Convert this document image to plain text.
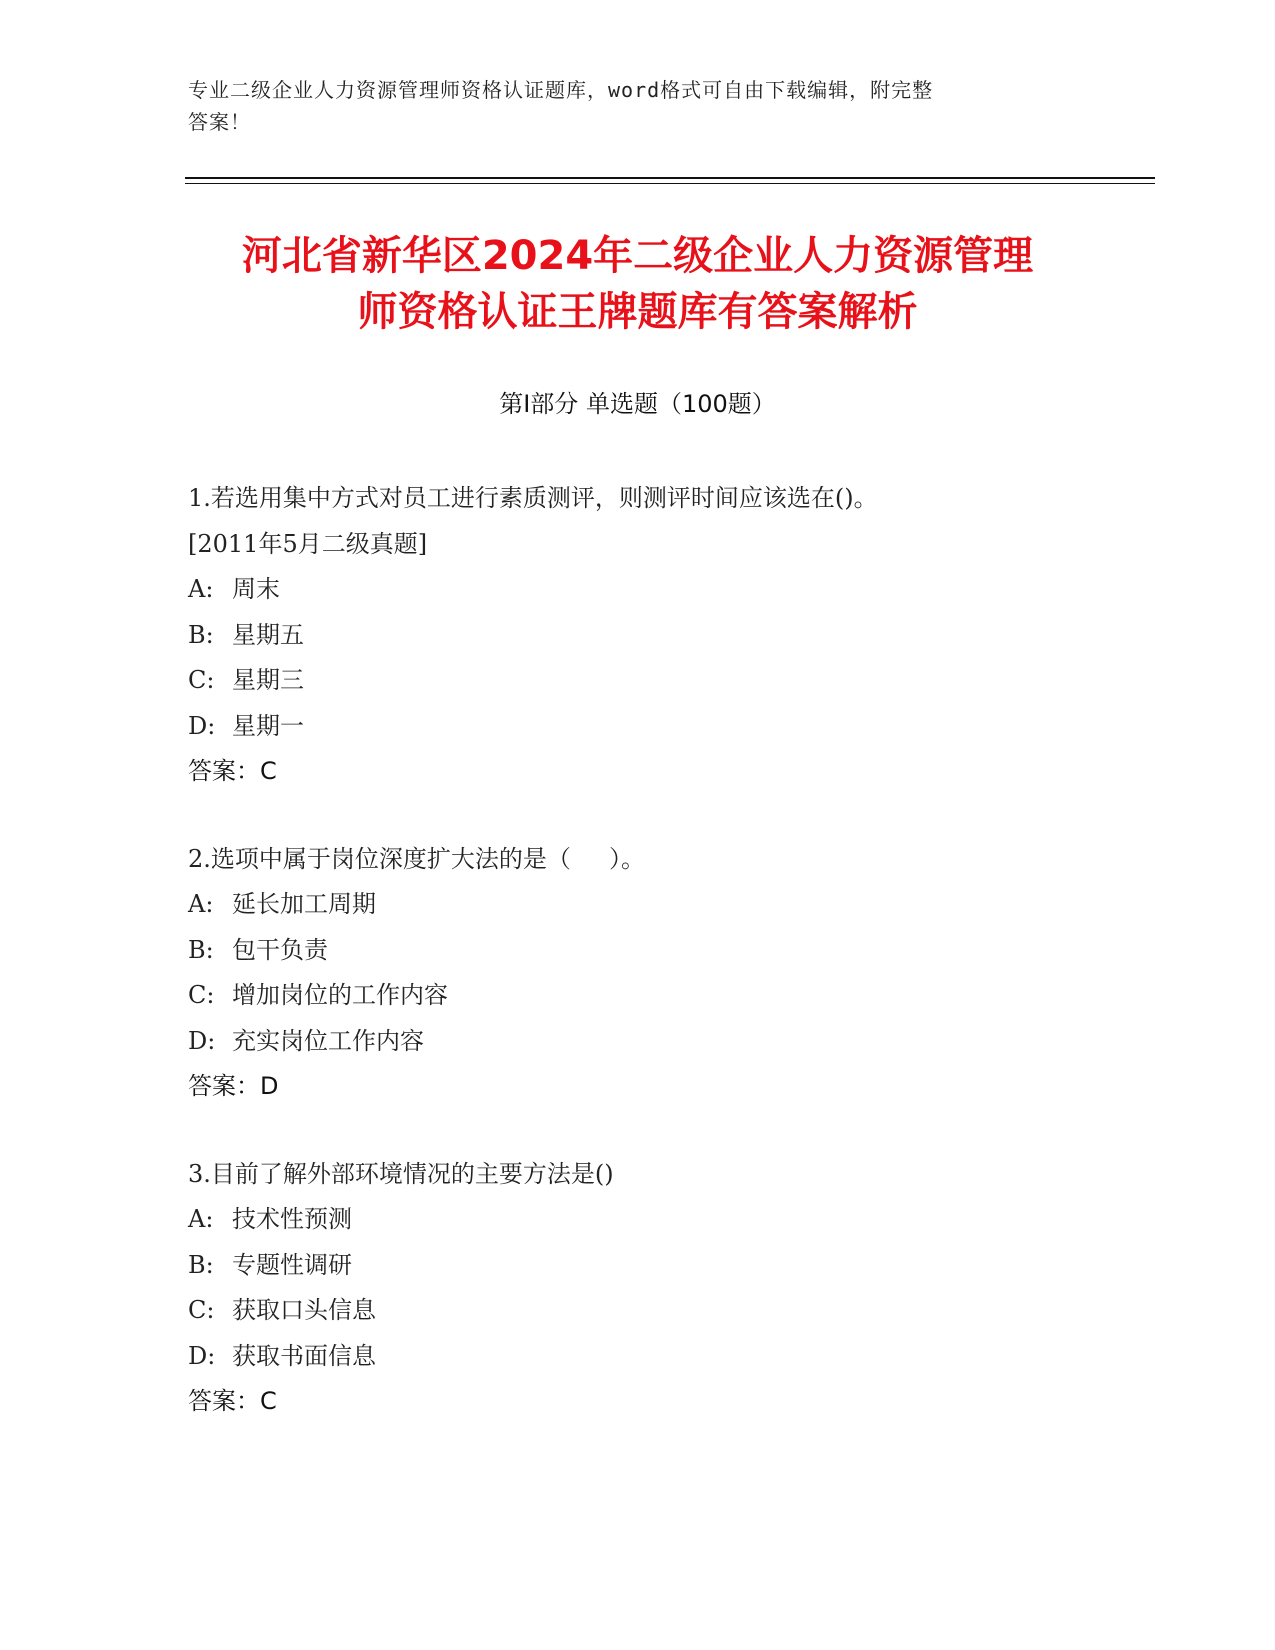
专业二级企业人力资源管理师资格认证题库，word格式可自由下载编辑，附完整
答案！
河北省新华区2024年二级企业人力资源管理
师资格认证王牌题库有答案解析
第Ⅰ部分 单选题（100题）
1.若选用集中方式对员工进行素质测评，则测评时间应该选在()。
[2011年5月二级真题]
A: 周末
B: 星期五
C: 星期三
D: 星期一
答案：C
2.选项中属于岗位深度扩大法的是（     ）。
A: 延长加工周期
B: 包干负责
C: 增加岗位的工作内容
D: 充实岗位工作内容
答案：D
3.目前了解外部环境情况的主要方法是()
A: 技术性预测
B: 专题性调研
C: 获取口头信息
D: 获取书面信息
答案：C
